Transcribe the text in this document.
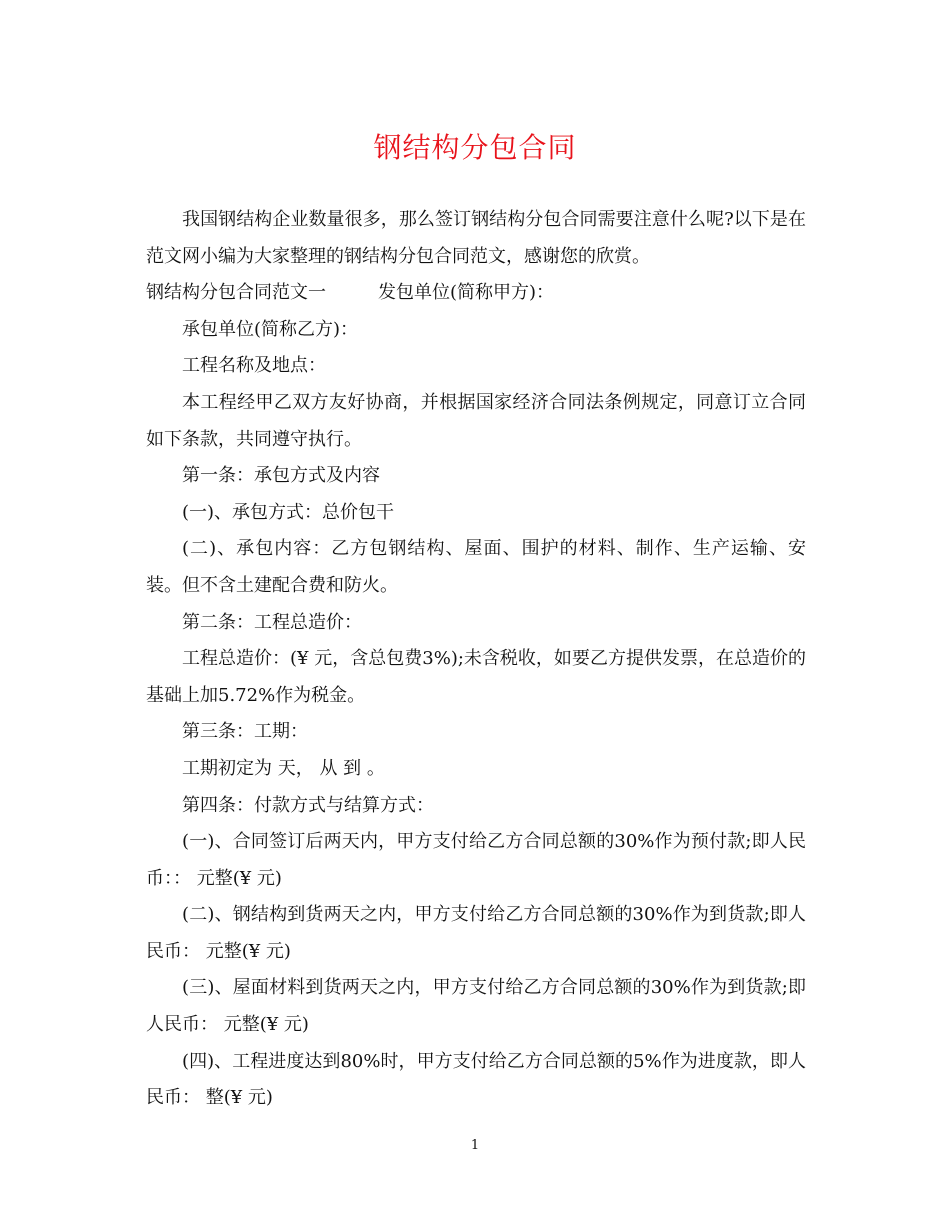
钢结构分包合同

我国钢结构企业数量很多，那么签订钢结构分包合同需要注意什么呢?以下是在范文网小编为大家整理的钢结构分包合同范文，感谢您的欣赏。

钢结构分包合同范文一	发包单位(简称甲方)：

承包单位(简称乙方)：

工程名称及地点：

本工程经甲乙双方友好协商，并根据国家经济合同法条例规定，同意订立合同如下条款，共同遵守执行。

第一条：承包方式及内容

(一)、承包方式：总价包干

(二)、承包内容：乙方包钢结构、屋面、围护的材料、制作、生产运输、安装。但不含土建配合费和防火。

第二条：工程总造价：

工程总造价：(¥ 元，含总包费3%);未含税收，如要乙方提供发票，在总造价的基础上加5.72%作为税金。

第三条：工期：

工期初定为 天， 从 到 。

第四条：付款方式与结算方式：

(一)、合同签订后两天内，甲方支付给乙方合同总额的30%作为预付款;即人民币：： 元整(¥ 元)

(二)、钢结构到货两天之内，甲方支付给乙方合同总额的30%作为到货款;即人民币： 元整(¥ 元)

(三)、屋面材料到货两天之内，甲方支付给乙方合同总额的30%作为到货款;即人民币： 元整(¥ 元)

(四)、工程进度达到80%时，甲方支付给乙方合同总额的5%作为进度款，即人民币： 整(¥ 元)

1
